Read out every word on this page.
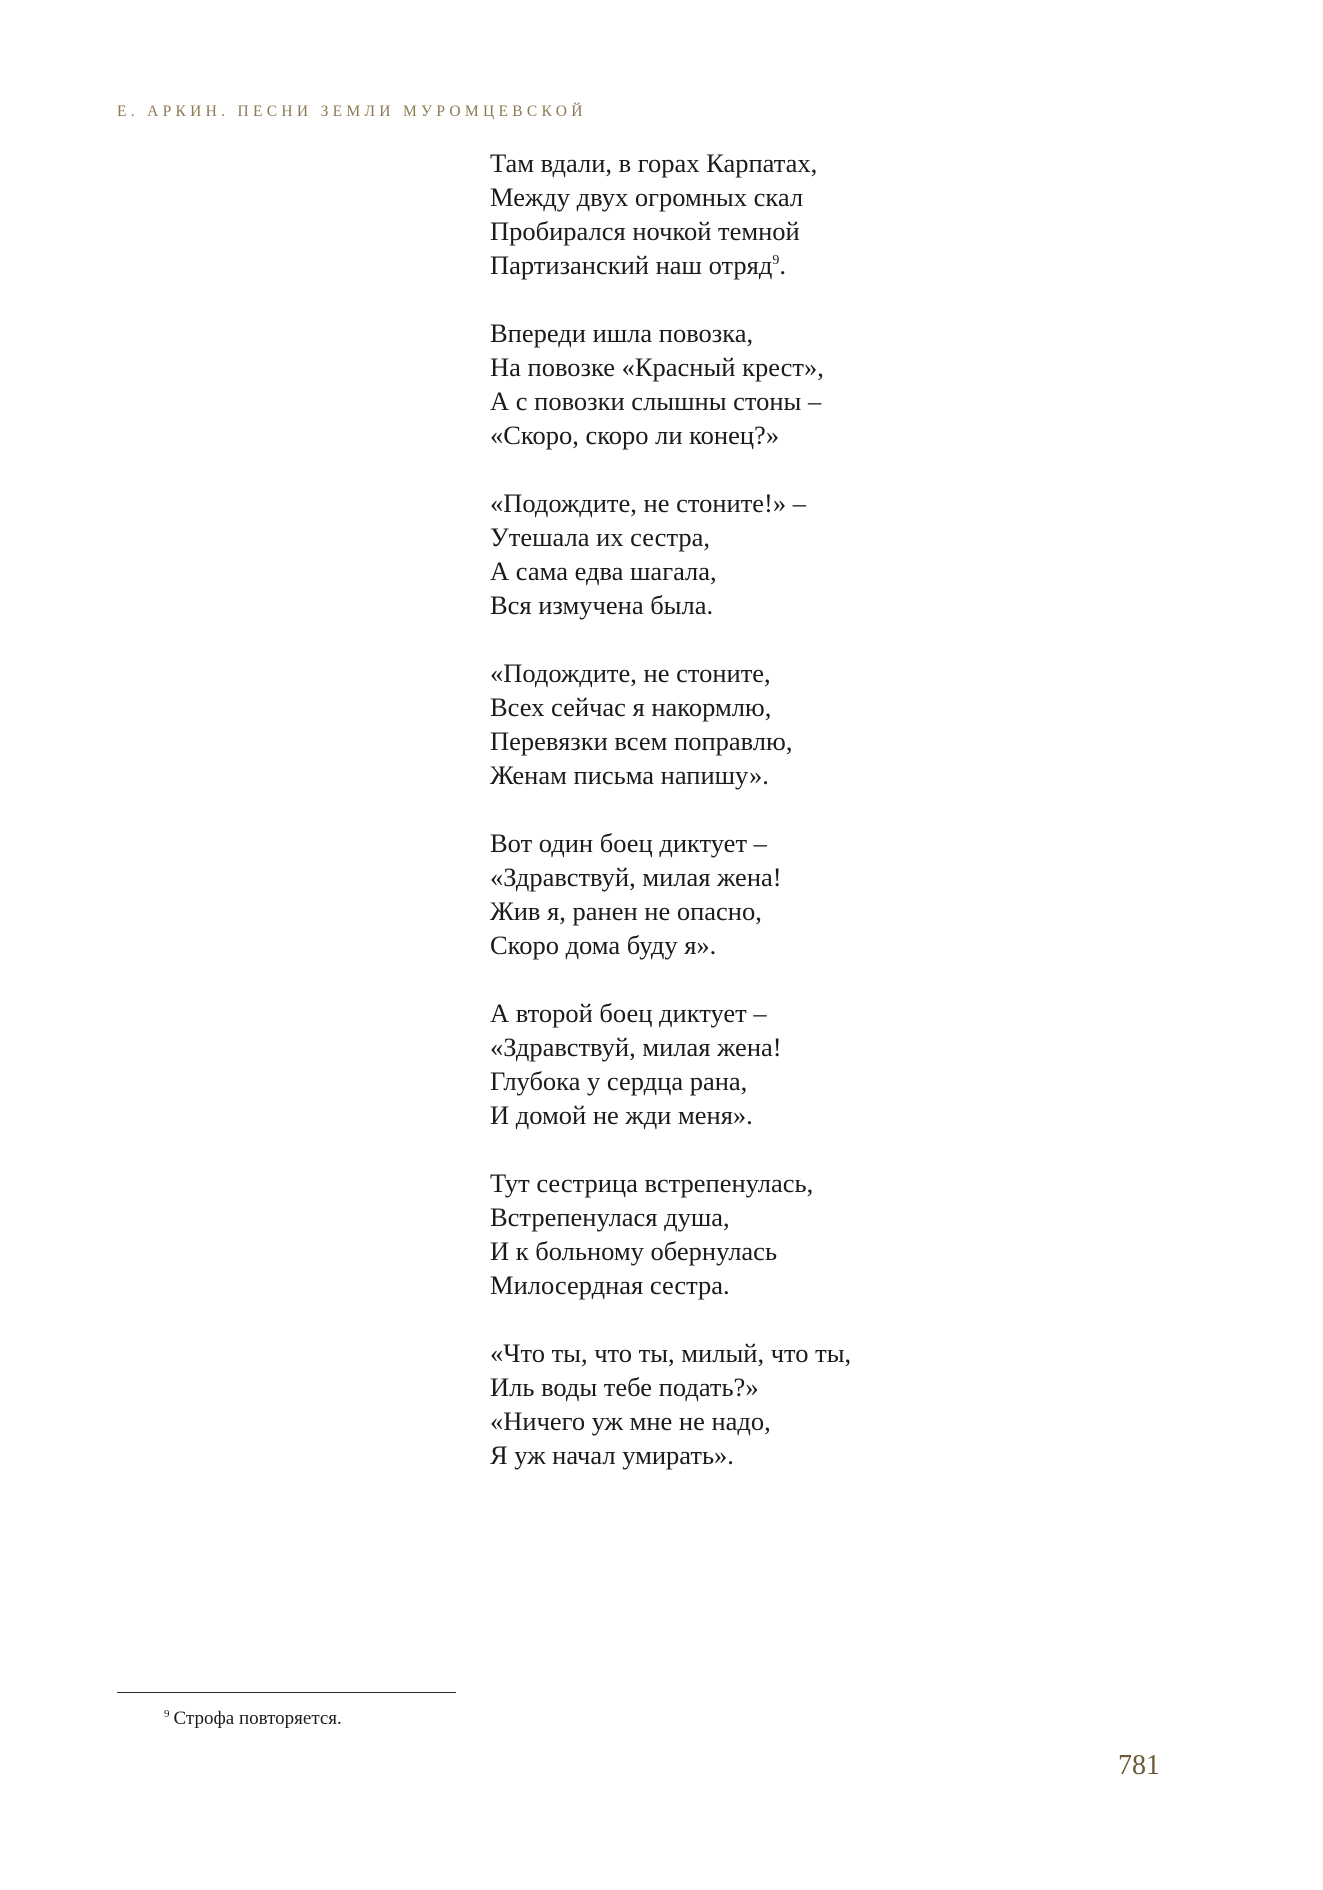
Е. АРКИН. ПЕСНИ ЗЕМЛИ МУРОМЦЕВСКОЙ
Там вдали, в горах Карпатах,
Между двух огромных скал
Пробирался ночкой темной
Партизанский наш отряд$^9$.
Впереди ишла повозка,
На повозке «Красный крест»,
А с повозки слышны стоны –
«Скоро, скоро ли конец?»
«Подождите, не стоните!» –
Утешала их сестра,
А сама едва шагала,
Вся измучена была.
«Подождите, не стоните,
Всех сейчас я накормлю,
Перевязки всем поправлю,
Женам письма напишу».
Вот один боец диктует –
«Здравствуй, милая жена!
Жив я, ранен не опасно,
Скоро дома буду я».
А второй боец диктует –
«Здравствуй, милая жена!
Глубока у сердца рана,
И домой не жди меня».
Тут сестрица встрепенулась,
Встрепенулася душа,
И к больному обернулась
Милосердная сестра.
«Что ты, что ты, милый, что ты,
Иль воды тебе подать?»
«Ничего уж мне не надо,
Я уж начал умирать».
$^9$ Строфа повторяется.
781
